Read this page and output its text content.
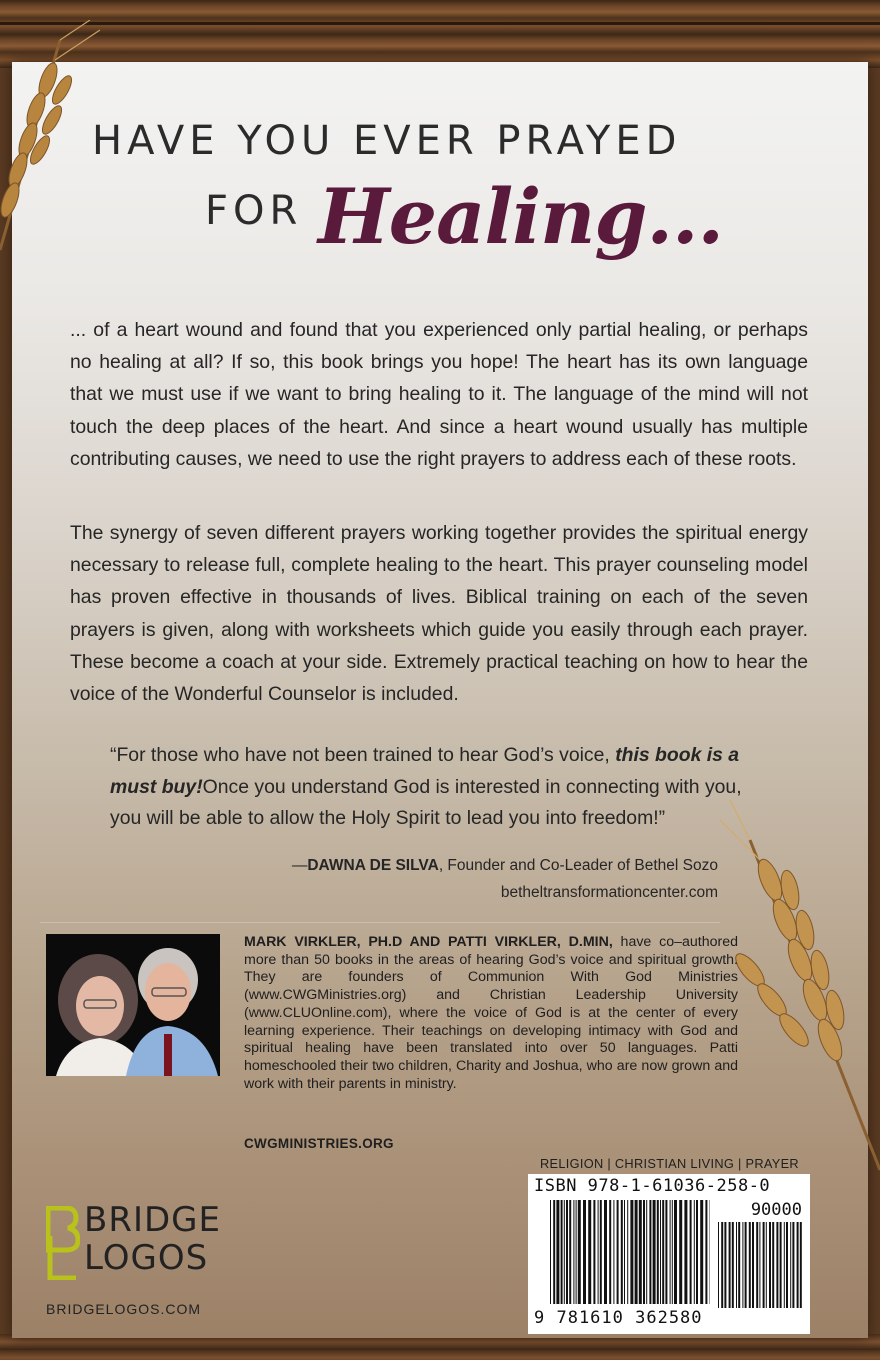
HAVE YOU EVER PRAYED
FOR Healing...

... of a heart wound and found that you experienced only partial healing, or perhaps no healing at all? If so, this book brings you hope! The heart has its own language that we must use if we want to bring healing to it. The language of the mind will not touch the deep places of the heart. And since a heart wound usually has multiple contributing causes, we need to use the right prayers to address each of these roots.

The synergy of seven different prayers working together provides the spiritual energy necessary to release full, complete healing to the heart. This prayer counseling model has proven effective in thousands of lives. Biblical training on each of the seven prayers is given, along with worksheets which guide you easily through each prayer. These become a coach at your side. Extremely practical teaching on how to hear the voice of the Wonderful Counselor is included.

“For those who have not been trained to hear God’s voice, this book is a must buy!Once you understand God is interested in connecting with you, you will be able to allow the Holy Spirit to lead you into freedom!”

—DAWNA DE SILVA, Founder and Co-Leader of Bethel Sozo
betheltransformationcenter.com

MARK VIRKLER, PH.D AND PATTI VIRKLER, D.MIN, have co–authored more than 50 books in the areas of hearing God’s voice and spiritual growth. They are founders of Communion With God Ministries (www.CWGMinistries.org) and Christian Leadership University (www.CLUOnline.com), where the voice of God is at the center of every learning experience. Their teachings on developing intimacy with God and spiritual healing have been translated into over 50 languages. Patti homeschooled their two children, Charity and Joshua, who are now grown and work with their parents in ministry.

CWGMINISTRIES.ORG
RELIGION | CHRISTIAN LIVING | PRAYER
ISBN 978-1-61036-258-0
90000
9 781610 362580
BRIDGE
LOGOS
BRIDGELOGOS.COM
